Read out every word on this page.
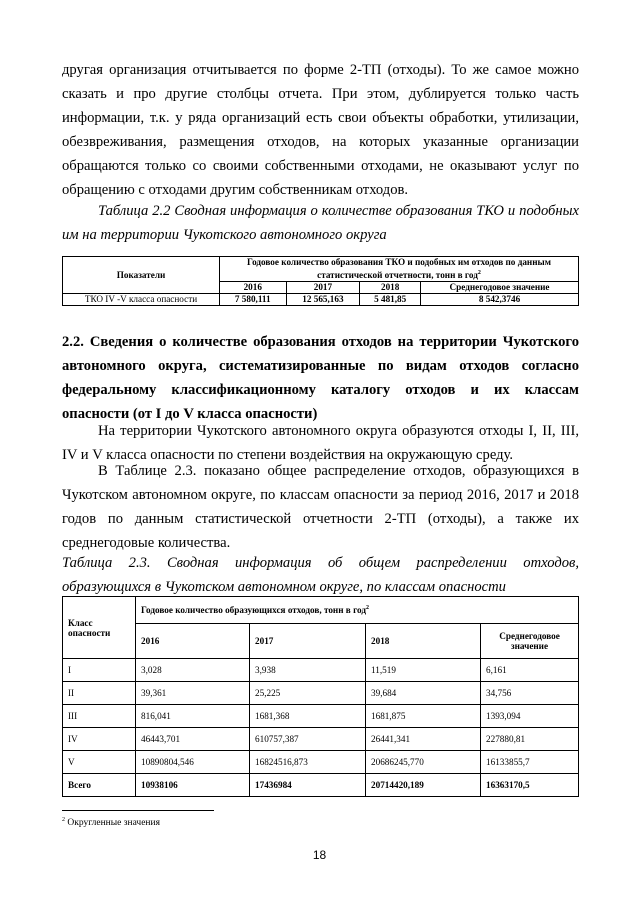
другая организация отчитывается по форме 2-ТП (отходы). То же самое можно сказать и про другие столбцы отчета. При этом, дублируется только часть информации, т.к. у ряда организаций есть свои объекты обработки, утилизации, обезвреживания, размещения отходов, на которых указанные организации обращаются только со своими собственными отходами, не оказывают услуг по обращению с отходами другим собственникам отходов.

Таблица 2.2 Сводная информация о количестве образования ТКО и подобных им на территории Чукотского автономного округа

Показатели	Годовое количество образования ТКО и подобных им отходов по данным статистической отчетности, тонн в год$^2$
	2016	2017	2018	Среднегодовое значение
ТКО IV -V класса опасности	7 580,111	12 565,163	5 481,85	8 542,3746

2.2. Сведения о количестве образования отходов на территории Чукотского автономного округа, систематизированные по видам отходов согласно федеральному классификационному каталогу отходов и их классам опасности (от I до V класса опасности)

На территории Чукотского автономного округа образуются отходы I, II, III, IV и V класса опасности по степени воздействия на окружающую среду.

В Таблице 2.3. показано общее распределение отходов, образующихся в Чукотском автономном округе, по классам опасности за период 2016, 2017 и 2018 годов по данным статистической отчетности 2-ТП (отходы), а также их среднегодовые количества.

Таблица 2.3. Сводная информация об общем распределении отходов, образующихся в Чукотском автономном округе, по классам опасности

Класс опасности	Годовое количество образующихся отходов, тонн в год$^2$
	2016	2017	2018	Среднегодовое значение
I	3,028	3,938	11,519	6,161
II	39,361	25,225	39,684	34,756
III	816,041	1681,368	1681,875	1393,094
IV	46443,701	610757,387	26441,341	227880,81
V	10890804,546	16824516,873	20686245,770	16133855,7
Всего	10938106	17436984	20714420,189	16363170,5
$^2$ Округленные значения
18
